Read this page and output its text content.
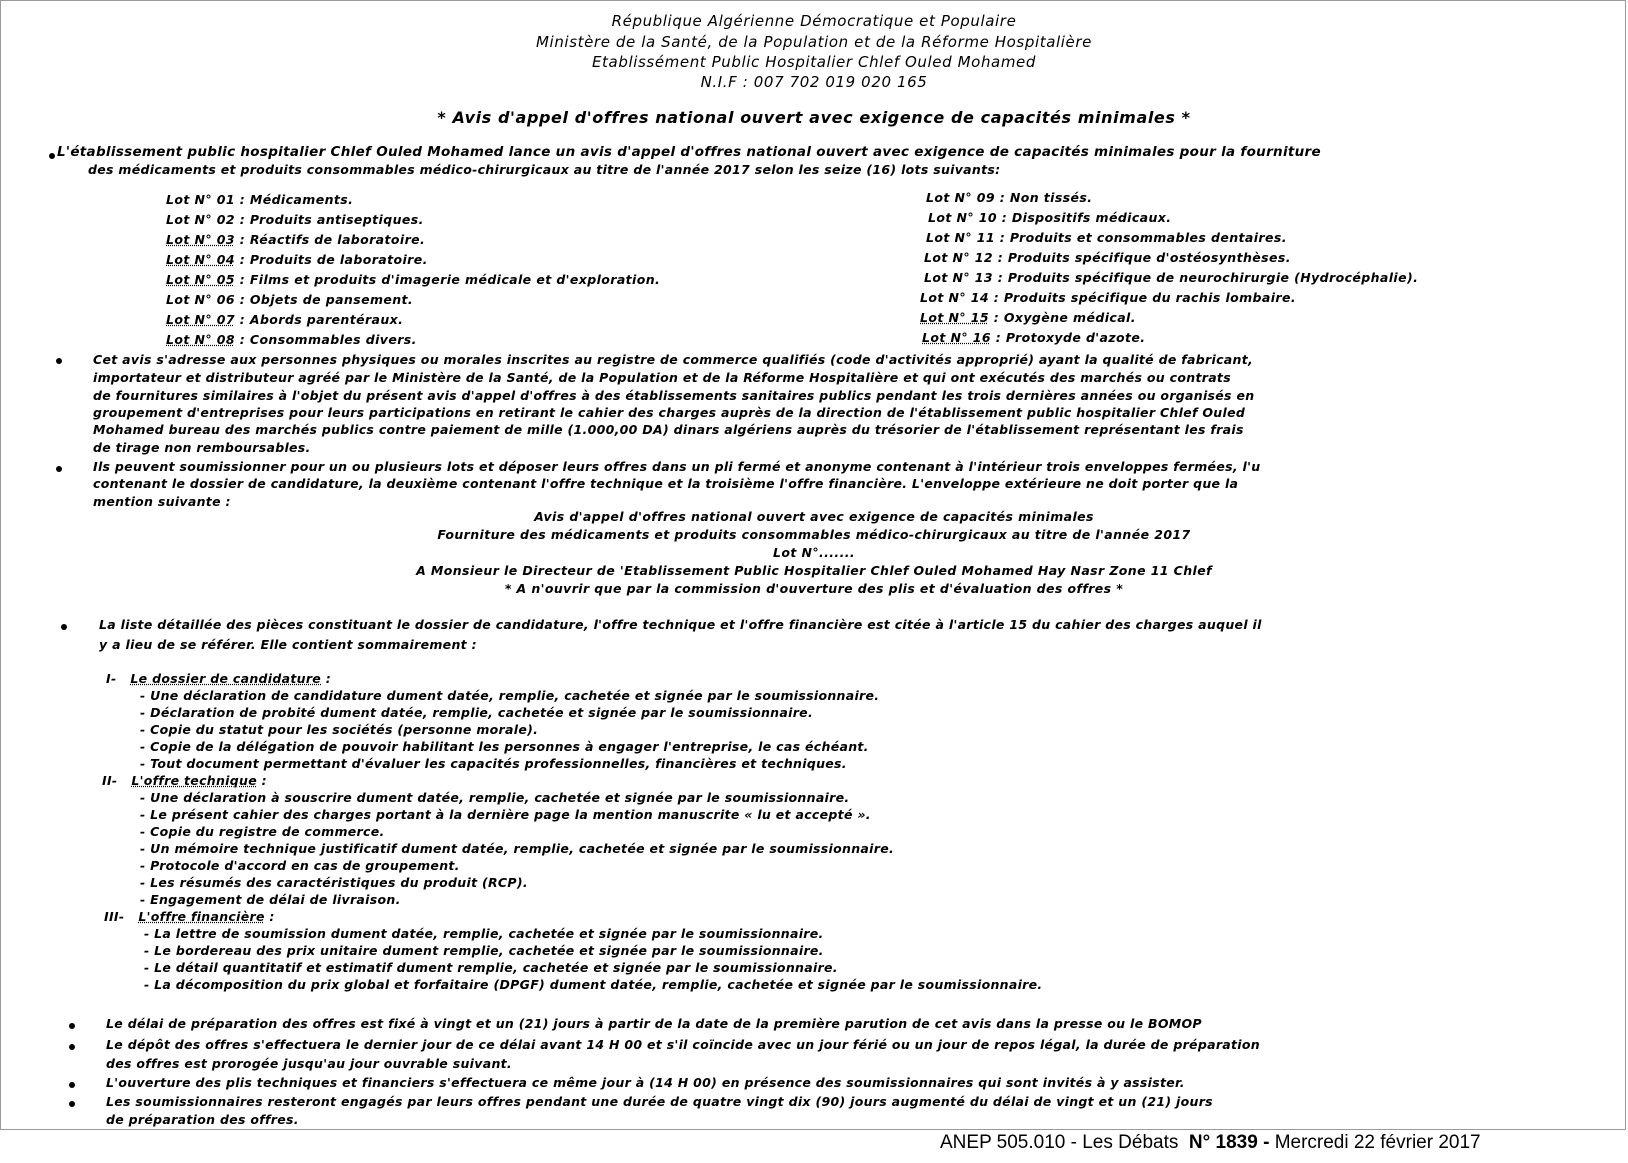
République Algérienne Démocratique et Populaire
Ministère de la Santé, de la Population et de la Réforme Hospitalière
Etablissément Public Hospitalier Chlef Ouled Mohamed
N.I.F : 007 702 019 020 165
* Avis d'appel d'offres national ouvert avec exigence de capacités minimales *
L'établissement public hospitalier Chlef Ouled Mohamed lance un avis d'appel d'offres national ouvert avec exigence de capacités minimales pour la fourniture
des médicaments et produits consommables médico-chirurgicaux au titre de l'année 2017 selon les seize (16) lots suivants:
Lot N° 01 : Médicaments.
Lot N° 02 : Produits antiseptiques.
Lot N° 03 : Réactifs de laboratoire.
Lot N° 04 : Produits de laboratoire.
Lot N° 05 : Films et produits d'imagerie médicale et d'exploration.
Lot N° 06 : Objets de pansement.
Lot N° 07 : Abords parentéraux.
Lot N° 08 : Consommables divers.
Lot N° 09 : Non tissés.
Lot N° 10 : Dispositifs médicaux.
Lot N° 11 : Produits et consommables dentaires.
Lot N° 12 : Produits spécifique d'ostéosynthèses.
Lot N° 13 : Produits spécifique de neurochirurgie (Hydrocéphalie).
Lot N° 14 : Produits spécifique du rachis lombaire.
Lot N° 15 : Oxygène médical.
Lot N° 16 : Protoxyde d'azote.
Cet avis s'adresse aux personnes physiques ou morales inscrites au registre de commerce qualifiés (code d'activités approprié) ayant la qualité de fabricant,
importateur et distributeur agréé par le Ministère de la Santé, de la Population et de la Réforme Hospitalière et qui ont exécutés des marchés ou contrats
de fournitures similaires à l'objet du présent avis d'appel d'offres à des établissements sanitaires publics pendant les trois dernières années ou organisés en
groupement d'entreprises pour leurs participations en retirant le cahier des charges auprès de la direction de l'établissement public hospitalier Chlef Ouled
Mohamed bureau des marchés publics contre paiement de mille (1.000,00 DA) dinars algériens auprès du trésorier de l'établissement représentant les frais
de tirage non remboursables.
Ils peuvent soumissionner pour un ou plusieurs lots et déposer leurs offres dans un pli fermé et anonyme contenant à l'intérieur trois enveloppes fermées, l'u
contenant le dossier de candidature, la deuxième contenant l'offre technique et la troisième l'offre financière. L'enveloppe extérieure ne doit porter que la
mention suivante :
Avis d'appel d'offres national ouvert avec exigence de capacités minimales
Fourniture des médicaments et produits consommables médico-chirurgicaux au titre de l'année 2017
Lot N°.......
A Monsieur le Directeur de 'Etablissement Public Hospitalier Chlef Ouled Mohamed Hay Nasr Zone 11 Chlef
* A n'ouvrir que par la commission d'ouverture des plis et d'évaluation des offres *
La liste détaillée des pièces constituant le dossier de candidature, l'offre technique et l'offre financière est citée à l'article 15 du cahier des charges auquel il
y a lieu de se référer. Elle contient sommairement :
I- Le dossier de candidature :
- Une déclaration de candidature dument datée, remplie, cachetée et signée par le soumissionnaire.
- Déclaration de probité dument datée, remplie, cachetée et signée par le soumissionnaire.
- Copie du statut pour les sociétés (personne morale).
- Copie de la délégation de pouvoir habilitant les personnes à engager l'entreprise, le cas échéant.
- Tout document permettant d'évaluer les capacités professionnelles, financières et techniques.
II- L'offre technique :
- Une déclaration à souscrire dument datée, remplie, cachetée et signée par le soumissionnaire.
- Le présent cahier des charges portant à la dernière page la mention manuscrite « lu et accepté ».
- Copie du registre de commerce.
- Un mémoire technique justificatif dument datée, remplie, cachetée et signée par le soumissionnaire.
- Protocole d'accord en cas de groupement.
- Les résumés des caractéristiques du produit (RCP).
- Engagement de délai de livraison.
III- L'offre financière :
- La lettre de soumission dument datée, remplie, cachetée et signée par le soumissionnaire.
- Le bordereau des prix unitaire dument remplie, cachetée et signée par le soumissionnaire.
- Le détail quantitatif et estimatif dument remplie, cachetée et signée par le soumissionnaire.
- La décomposition du prix global et forfaitaire (DPGF) dument datée, remplie, cachetée et signée par le soumissionnaire.
Le délai de préparation des offres est fixé à vingt et un (21) jours à partir de la date de la première parution de cet avis dans la presse ou le BOMOP
Le dépôt des offres s'effectuera le dernier jour de ce délai avant 14 H 00 et s'il coïncide avec un jour férié ou un jour de repos légal, la durée de préparation
des offres est prorogée jusqu'au jour ouvrable suivant.
L'ouverture des plis techniques et financiers s'effectuera ce même jour à (14 H 00) en présence des soumissionnaires qui sont invités à y assister.
Les soumissionnaires resteront engagés par leurs offres pendant une durée de quatre vingt dix (90) jours augmenté du délai de vingt et un (21) jours
de préparation des offres.
ANEP 505.010 - Les Débats N° 1839 - Mercredi 22 février 2017
